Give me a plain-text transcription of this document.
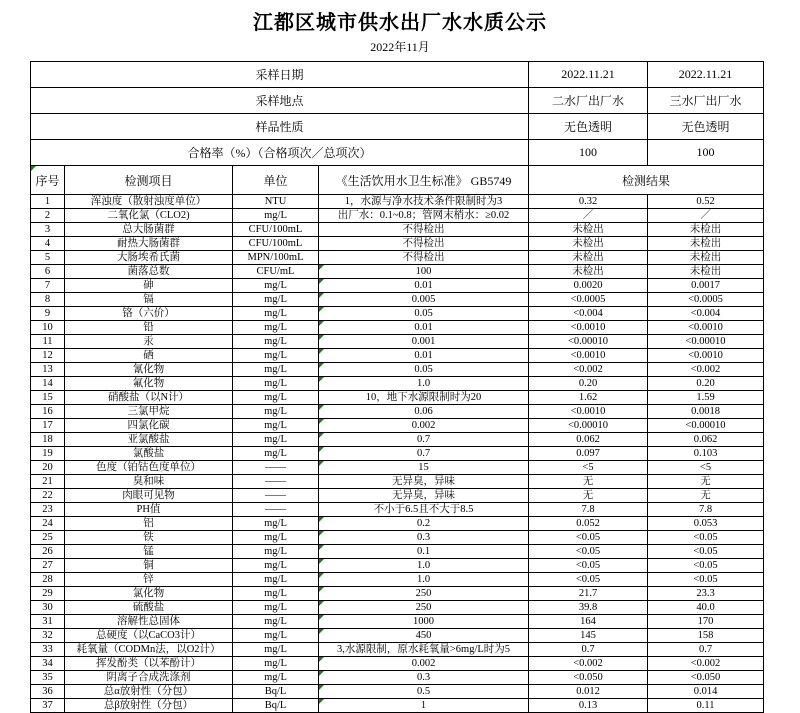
江都区城市供水出厂水水质公示
2022年11月
采样日期				2022.11.21	2022.11.21
采样地点				二水厂出厂水	三水厂出厂水
样品性质				无色透明	无色透明
合格率（%）（合格项次／总项次）				100	100

序号	检测项目	单位	《生活饮用水卫生标准》 GB5749	检测结果	
1	浑浊度（散射浊度单位）	NTU	1，水源与净水技术条件限制时为3	0.32	0.52
2	二氧化氯（CLO2)	mg/L	出厂水：0.1~0.8；管网末梢水：≥0.02	／	／
3	总大肠菌群	CFU/100mL	不得检出	未检出	未检出
4	耐热大肠菌群	CFU/100mL	不得检出	未检出	未检出
5	大肠埃希氏菌	MPN/100mL	不得检出	未检出	未检出
6	菌落总数	CFU/mL	100	未检出	未检出
7	砷	mg/L	0.01	0.0020	0.0017
8	镉	mg/L	0.005	<0.0005	<0.0005
9	铬（六价）	mg/L	0.05	<0.004	<0.004
10	铅	mg/L	0.01	<0.0010	<0.0010
11	汞	mg/L	0.001	<0.00010	<0.00010
12	硒	mg/L	0.01	<0.0010	<0.0010
13	氰化物	mg/L	0.05	<0.002	<0.002
14	氟化物	mg/L	1.0	0.20	0.20
15	硝酸盐（以N计）	mg/L	10，地下水源限制时为20	1.62	1.59
16	三氯甲烷	mg/L	0.06	<0.0010	0.0018
17	四氯化碳	mg/L	0.002	<0.00010	<0.00010
18	亚氯酸盐	mg/L	0.7	0.062	0.062
19	氯酸盐	mg/L	0.7	0.097	0.103
20	色度（铂钴色度单位）	——	15	<5	<5
21	臭和味	——	无异臭，异味	无	无
22	肉眼可见物	——	无异臭，异味	无	无
23	PH值	——	不小于6.5且不大于8.5	7.8	7.8
24	铝	mg/L	0.2	0.052	0.053
25	铁	mg/L	0.3	<0.05	<0.05
26	锰	mg/L	0.1	<0.05	<0.05
27	铜	mg/L	1.0	<0.05	<0.05
28	锌	mg/L	1.0	<0.05	<0.05
29	氯化物	mg/L	250	21.7	23.3
30	硫酸盐	mg/L	250	39.8	40.0
31	溶解性总固体	mg/L	1000	164	170
32	总硬度（以CaCO3计）	mg/L	450	145	158
33	耗氧量（CODMn法，以O2计）	mg/L	3,水源限制，原水耗氧量>6mg/L时为5	0.7	0.7
34	挥发酚类（以苯酚计）	mg/L	0.002	<0.002	<0.002
35	阴离子合成洗涤剂	mg/L	0.3	<0.050	<0.050
36	总α放射性（分包）	Bq/L	0.5	0.012	0.014
37	总β放射性（分包）	Bq/L	1	0.13	0.11
